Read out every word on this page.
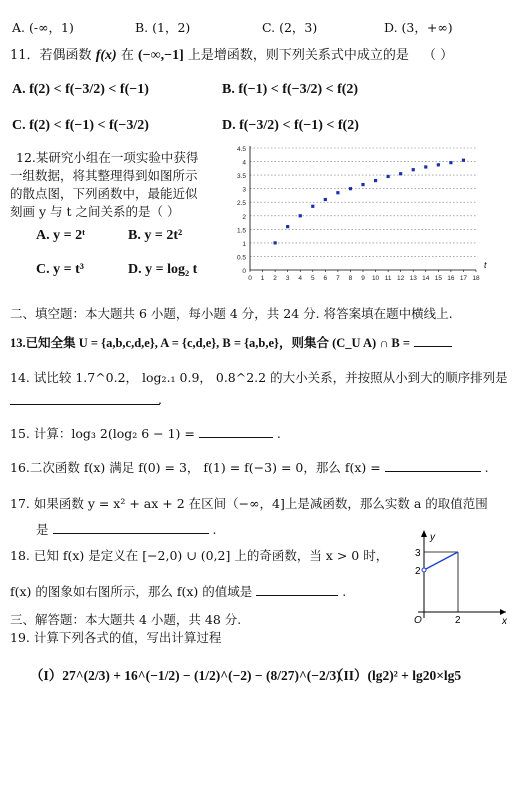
A. (-∞，1)	B. (1，2)	C. (2，3)	D. (3，+∞)
11．若偶函数 f(x) 在 (−∞,−1] 上是增函数，则下列关系式中成立的是 （ ）
A. f(2) < f(−3/2) < f(−1)	B. f(−1) < f(−3/2) < f(2)
C. f(2) < f(−1) < f(−3/2)	D. f(−3/2) < f(−1) < f(2)
12.某研究小组在一项实验中获得
一组数据，将其整理得到如图所示
的散点图，下列函数中，最能近似
刻画 y 与 t 之间关系的是（ ）
A. y = 2ᵗ	B. y = 2t²
C. y = t³	D. y = log₂ t	0
0.5
1
1.5
2
2.5
3
3.5
4
4.5
0 1 2 3 4 5 6 7 8 9 10 11 12 13 14 15 16 17 18
t
二、填空题：本大题共 6 小题，每小题 4 分，共 24 分. 将答案填在题中横线上.
13.已知全集 U = {a,b,c,d,e}, A = {c,d,e}, B = {a,b,e}，则集合 (C_U A) ∩ B =
14. 试比较 1.7^0.2， log₂.₁ 0.9， 0.8^2.2 的大小关系，并按照从小到大的顺序排列是
.
15. 计算：log₃ 2(log₂ 6 − 1) =	.
16.二次函数 f(x) 满足 f(0) = 3， f(1) = f(−3) = 0，那么 f(x) =	.
17. 如果函数 y = x² + ax + 2 在区间（−∞，4]上是减函数，那么实数 a 的取值范围
是	.
18. 已知 f(x) 是定义在 [−2,0) ∪ (0,2] 上的奇函数，当 x > 0 时，
f(x) 的图象如右图所示，那么 f(x) 的值域是	.
y
x
O	2
3
2
三、解答题：本大题共 4 小题，共 48 分.
19. 计算下列各式的值，写出计算过程
（I）27^(2/3) + 16^(−1/2) − (1/2)^(−2) − (8/27)^(−2/3)
（II）(lg2)² + lg20×lg5
